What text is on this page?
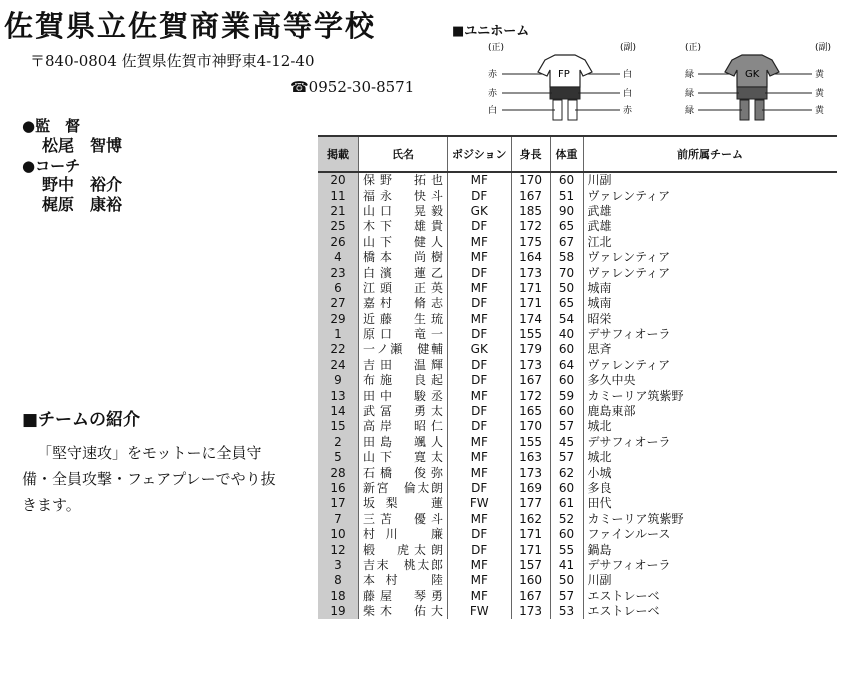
佐賀県立佐賀商業高等学校
〒840-0804 佐賀県佐賀市神野東4-12-40
☎0952-30-8571
■ユニホーム
(正)	(副)
FP
赤
赤
白
白
白
赤
(正)	(副)
GK
緑
緑
緑
黄
黄
黄
●監　督
松尾　智博
●コーチ
野中　裕介
梶原　康裕
■チームの紹介
「堅守速攻」をモットーに全員守備・全員攻撃・フェアプレーでやり抜きます。
掲載	氏名	ポジション	身長	体重	前所属チーム
20	保野　拓也	MF	170	60	川副
11	福永　快斗	DF	167	51	ヴァレンティア
21	山口　晃毅	GK	185	90	武雄
25	木下　雄貴	DF	172	65	武雄
26	山下　健人	MF	175	67	江北
4	橋本　尚樹	MF	164	58	ヴァレンティア
23	白濱　蓮乙	DF	173	70	ヴァレンティア
6	江頭　正英	MF	171	50	城南
27	嘉村　脩志	DF	171	65	城南
29	近藤　生琉	MF	174	54	昭栄
1	原口　竜一	DF	155	40	デサフィオーラ
22	一ノ瀬　健輔	GK	179	60	思斉
24	吉田　温輝	DF	173	64	ヴァレンティア
9	布施　良起	DF	167	60	多久中央
13	田中　駿丞	MF	172	59	カミーリア筑紫野
14	武冨　勇太	DF	165	60	鹿島東部
15	高岸　昭仁	DF	170	57	城北
2	田島　颯人	MF	155	45	デサフィオーラ
5	山下　寛太	MF	163	57	城北
28	石橋　俊弥	MF	173	62	小城
16	新宮　倫太朗	DF	169	60	多良
17	坂梨　蓮	FW	177	61	田代
7	三苫　優斗	MF	162	52	カミーリア筑紫野
10	村川　廉	DF	171	60	ファインルース
12	椴　虎太朗	DF	171	55	鍋島
3	吉末　桃太郎	MF	157	41	デサフィオーラ
8	本村　陸	MF	160	50	川副
18	藤屋　琴勇	MF	167	57	エストレーベ
19	柴木　佑大	FW	173	53	エストレーベ
